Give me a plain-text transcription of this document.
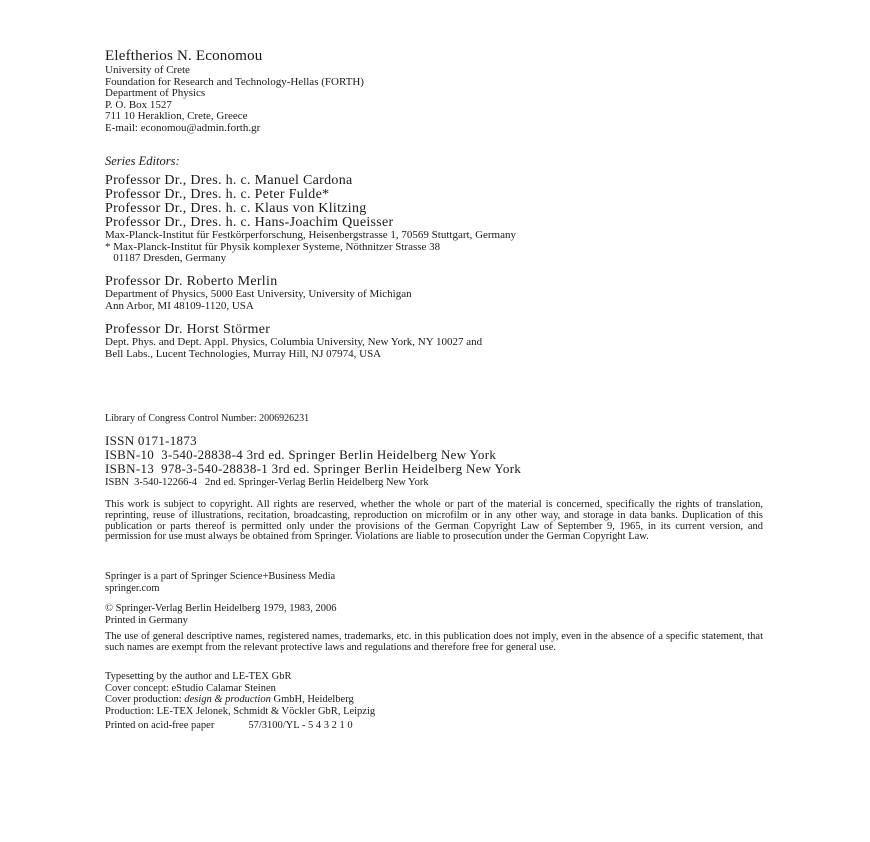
Eleftherios N. Economou
University of Crete
Foundation for Research and Technology-Hellas (FORTH)
Department of Physics
P. O. Box 1527
711 10 Heraklion, Crete, Greece
E-mail: economou@admin.forth.gr
Series Editors:
Professor Dr., Dres. h. c. Manuel Cardona
Professor Dr., Dres. h. c. Peter Fulde*
Professor Dr., Dres. h. c. Klaus von Klitzing
Professor Dr., Dres. h. c. Hans-Joachim Queisser
Max-Planck-Institut für Festkörperforschung, Heisenbergstrasse 1, 70569 Stuttgart, Germany
* Max-Planck-Institut für Physik komplexer Systeme, Nöthnitzer Strasse 38
01187 Dresden, Germany
Professor Dr. Roberto Merlin
Department of Physics, 5000 East University, University of Michigan
Ann Arbor, MI 48109-1120, USA
Professor Dr. Horst Störmer
Dept. Phys. and Dept. Appl. Physics, Columbia University, New York, NY 10027 and
Bell Labs., Lucent Technologies, Murray Hill, NJ 07974, USA
Library of Congress Control Number: 2006926231
ISSN 0171-1873
ISBN-10  3-540-28838-4 3rd ed. Springer Berlin Heidelberg New York
ISBN-13  978-3-540-28838-1 3rd ed. Springer Berlin Heidelberg New York
ISBN  3-540-12266-4   2nd ed. Springer-Verlag Berlin Heidelberg New York
This work is subject to copyright. All rights are reserved, whether the whole or part of the material is concerned, specifically the rights of translation, reprinting, reuse of illustrations, recitation, broadcasting, reproduction on microfilm or in any other way, and storage in data banks. Duplication of this publication or parts thereof is permitted only under the provisions of the German Copyright Law of September 9, 1965, in its current version, and permission for use must always be obtained from Springer. Violations are liable to prosecution under the German Copyright Law.
Springer is a part of Springer Science+Business Media
springer.com
© Springer-Verlag Berlin Heidelberg 1979, 1983, 2006
Printed in Germany
The use of general descriptive names, registered names, trademarks, etc. in this publication does not imply, even in the absence of a specific statement, that such names are exempt from the relevant protective laws and regulations and therefore free for general use.
Typesetting by the author and LE-TEX GbR
Cover concept: eStudio Calamar Steinen
Cover production: design & production GmbH, Heidelberg
Production: LE-TEX Jelonek, Schmidt & Vöckler GbR, Leipzig
Printed on acid-free paper	57/3100/YL - 5 4 3 2 1 0
